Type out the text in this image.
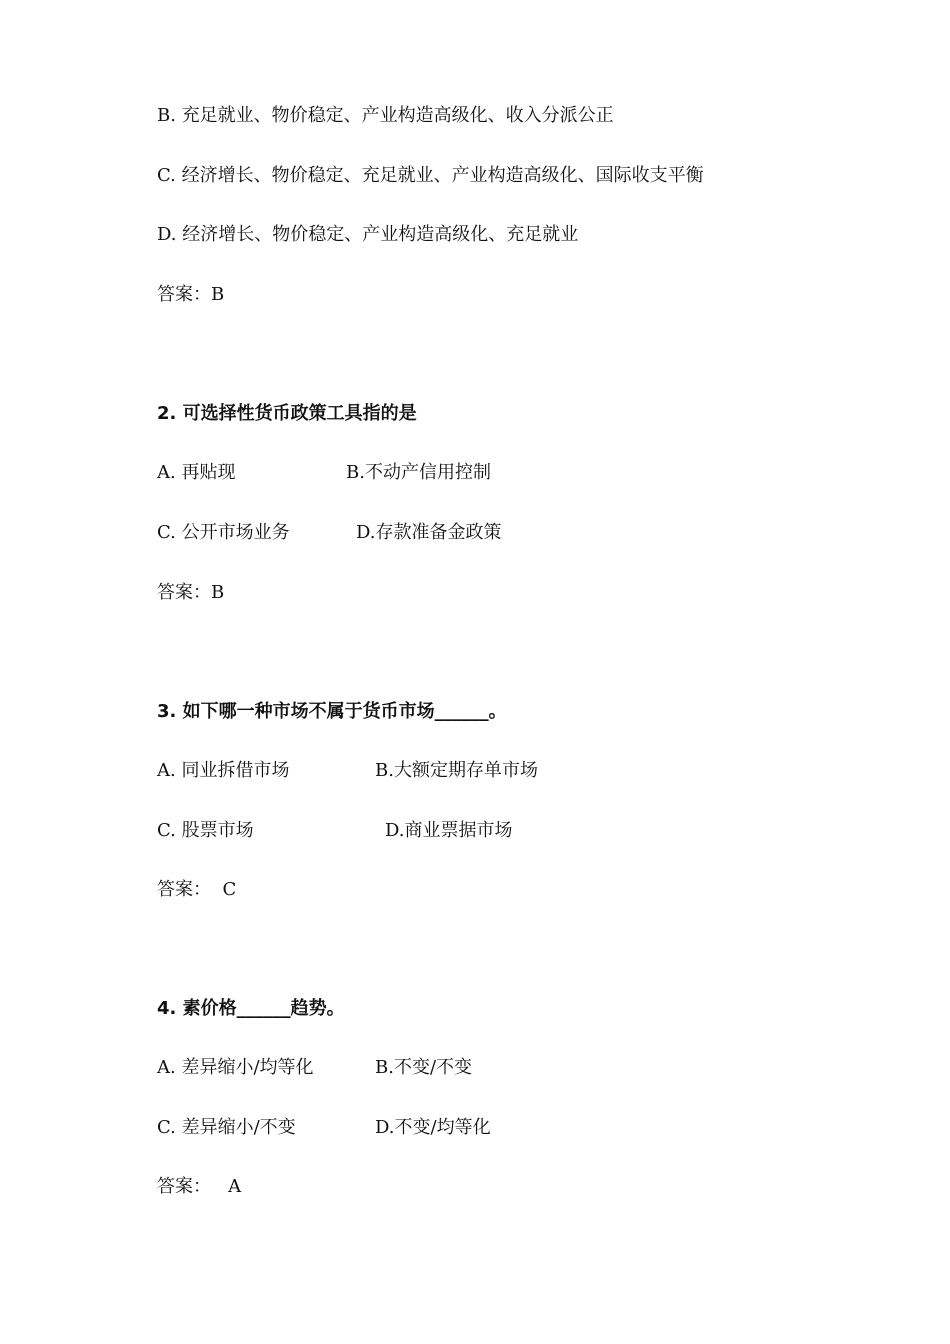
B. 充足就业、物价稳定、产业构造高级化、收入分派公正

C. 经济增长、物价稳定、充足就业、产业构造高级化、国际收支平衡

D. 经济增长、物价稳定、产业构造高级化、充足就业

答案：B

2. 可选择性货币政策工具指的是

A. 再贴现	B.不动产信用控制

C. 公开市场业务	D.存款准备金政策

答案：B

3. 如下哪一种市场不属于货币市场______。

A. 同业拆借市场	B.大额定期存单市场

C. 股票市场	D.商业票据市场

答案：  C

4. 素价格______趋势。

A. 差异缩小/均等化	B.不变/不变

C. 差异缩小/不变	D.不变/均等化

答案：   A
